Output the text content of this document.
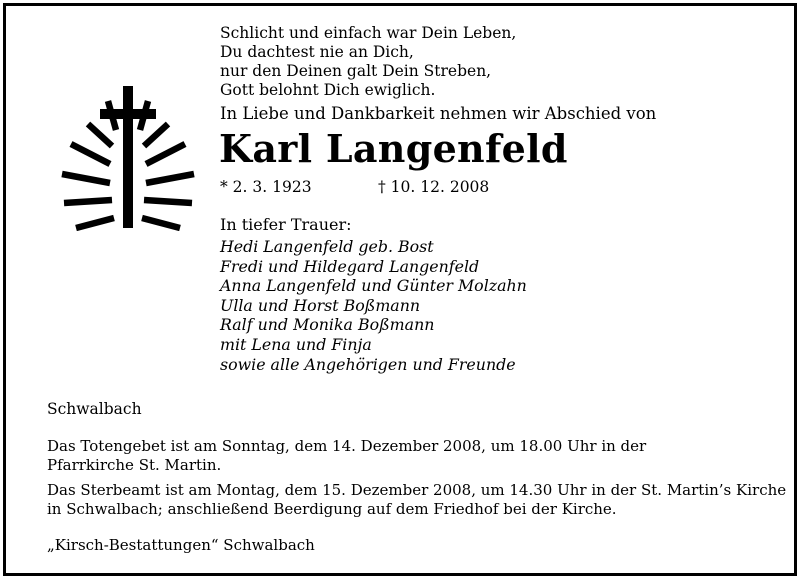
Schlicht und einfach war Dein Leben,
Du dachtest nie an Dich,
nur den Deinen galt Dein Streben,
Gott belohnt Dich ewiglich.
In Liebe und Dankbarkeit nehmen wir Abschied von
Karl Langenfeld
* 2. 3. 1923	† 10. 12. 2008
In tiefer Trauer:
Hedi Langenfeld geb. Bost
Fredi und Hildegard Langenfeld
Anna Langenfeld und Günter Molzahn
Ulla und Horst Boßmann
Ralf und Monika Boßmann
mit Lena und Finja
sowie alle Angehörigen und Freunde
Schwalbach
Das Totengebet ist am Sonntag, dem 14. Dezember 2008, um 18.00 Uhr in der
Pfarrkirche St. Martin.
Das Sterbeamt ist am Montag, dem 15. Dezember 2008, um 14.30 Uhr in der St. Martin’s Kirche
in Schwalbach; anschließend Beerdigung auf dem Friedhof bei der Kirche.
„Kirsch-Bestattungen“ Schwalbach
